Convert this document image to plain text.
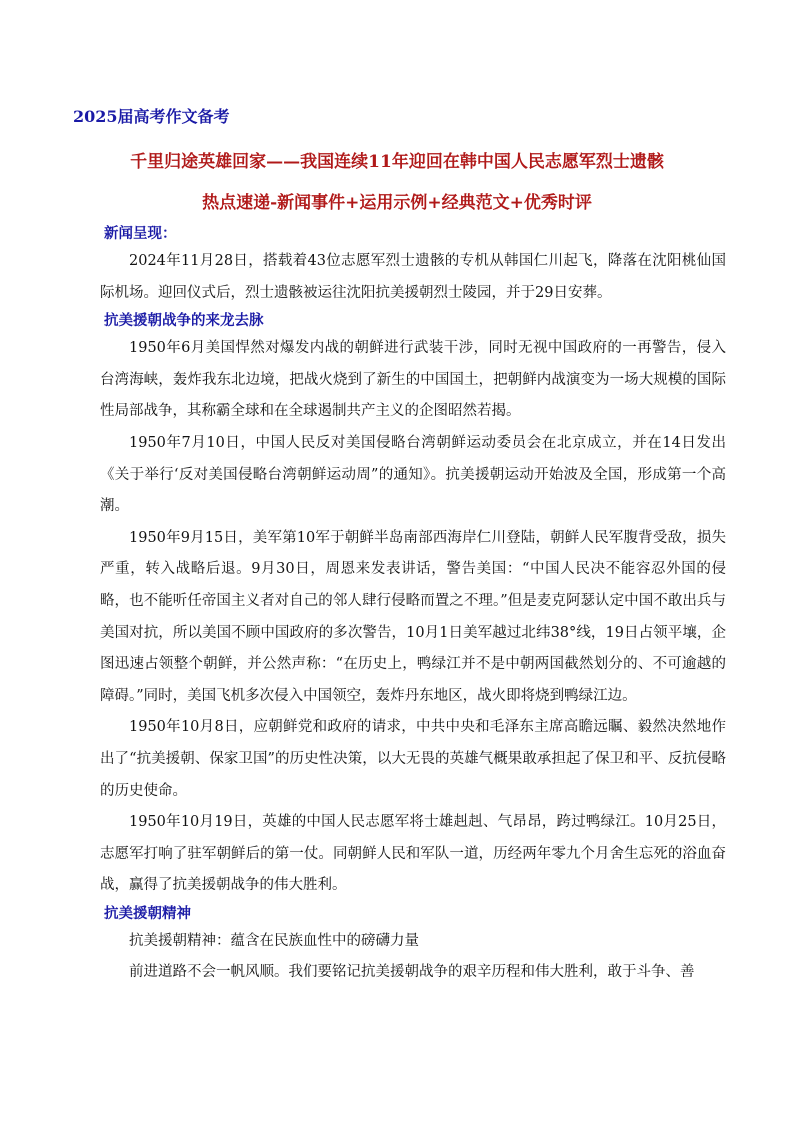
2025届高考作文备考
千里归途英雄回家——我国连续11年迎回在韩中国人民志愿军烈士遗骸
热点速递-新闻事件+运用示例+经典范文+优秀时评
新闻呈现：

2024年11月28日，搭载着43位志愿军烈士遗骸的专机从韩国仁川起飞，降落在沈阳桃仙国际机场。迎回仪式后，烈士遗骸被运往沈阳抗美援朝烈士陵园，并于29日安葬。

抗美援朝战争的来龙去脉

1950年6月美国悍然对爆发内战的朝鲜进行武装干涉，同时无视中国政府的一再警告，侵入台湾海峡，轰炸我东北边境，把战火烧到了新生的中国国土，把朝鲜内战演变为一场大规模的国际性局部战争，其称霸全球和在全球遏制共产主义的企图昭然若揭。

1950年7月10日，中国人民反对美国侵略台湾朝鲜运动委员会在北京成立，并在14日发出《关于举行‘反对美国侵略台湾朝鲜运动周”的通知》。抗美援朝运动开始波及全国，形成第一个高潮。

1950年9月15日，美军第10军于朝鲜半岛南部西海岸仁川登陆，朝鲜人民军腹背受敌，损失严重，转入战略后退。9月30日，周恩来发表讲话，警告美国：“中国人民决不能容忍外国的侵略，也不能听任帝国主义者对自己的邻人肆行侵略而置之不理。”但是麦克阿瑟认定中国不敢出兵与美国对抗，所以美国不顾中国政府的多次警告，10月1日美军越过北纬38°线，19日占领平壤，企图迅速占领整个朝鲜，并公然声称：“在历史上，鸭绿江并不是中朝两国截然划分的、不可逾越的障碍。”同时，美国飞机多次侵入中国领空，轰炸丹东地区，战火即将烧到鸭绿江边。

1950年10月8日，应朝鲜党和政府的请求，中共中央和毛泽东主席高瞻远瞩、毅然决然地作出了“抗美援朝、保家卫国”的历史性决策，以大无畏的英雄气概果敢承担起了保卫和平、反抗侵略的历史使命。

1950年10月19日，英雄的中国人民志愿军将士雄赳赳、气昂昂，跨过鸭绿江。10月25日，志愿军打响了驻军朝鲜后的第一仗。同朝鲜人民和军队一道，历经两年零九个月舍生忘死的浴血奋战，赢得了抗美援朝战争的伟大胜利。

抗美援朝精神

抗美援朝精神：蕴含在民族血性中的磅礴力量

前进道路不会一帆风顺。我们要铭记抗美援朝战争的艰辛历程和伟大胜利，敢于斗争、善
